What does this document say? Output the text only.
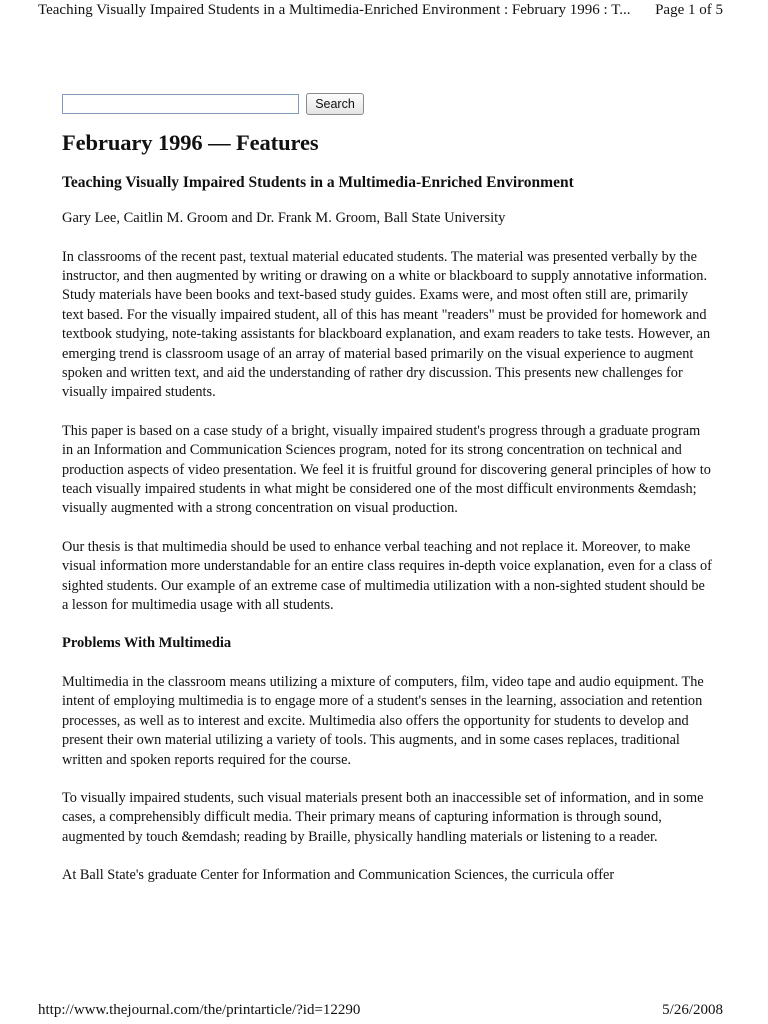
Teaching Visually Impaired Students in a Multimedia-Enriched Environment : February 1996 : T... Page 1 of 5
Search
February 1996 — Features
Teaching Visually Impaired Students in a Multimedia-Enriched Environment
Gary Lee, Caitlin M. Groom and Dr. Frank M. Groom, Ball State University

In classrooms of the recent past, textual material educated students. The material was presented verbally by the instructor, and then augmented by writing or drawing on a white or blackboard to supply annotative information. Study materials have been books and text-based study guides. Exams were, and most often still are, primarily text based. For the visually impaired student, all of this has meant "readers" must be provided for homework and textbook studying, note-taking assistants for blackboard explanation, and exam readers to take tests. However, an emerging trend is classroom usage of an array of material based primarily on the visual experience to augment spoken and written text, and aid the understanding of rather dry discussion. This presents new challenges for visually impaired students.

This paper is based on a case study of a bright, visually impaired student's progress through a graduate program in an Information and Communication Sciences program, noted for its strong concentration on technical and production aspects of video presentation. We feel it is fruitful ground for discovering general principles of how to teach visually impaired students in what might be considered one of the most difficult environments &emdash; visually augmented with a strong concentration on visual production.

Our thesis is that multimedia should be used to enhance verbal teaching and not replace it. Moreover, to make visual information more understandable for an entire class requires in-depth voice explanation, even for a class of sighted students. Our example of an extreme case of multimedia utilization with a non-sighted student should be a lesson for multimedia usage with all students.

Problems With Multimedia

Multimedia in the classroom means utilizing a mixture of computers, film, video tape and audio equipment. The intent of employing multimedia is to engage more of a student's senses in the learning, association and retention processes, as well as to interest and excite. Multimedia also offers the opportunity for students to develop and present their own material utilizing a variety of tools. This augments, and in some cases replaces, traditional written and spoken reports required for the course.

To visually impaired students, such visual materials present both an inaccessible set of information, and in some cases, a comprehensibly difficult media. Their primary means of capturing information is through sound, augmented by touch &emdash; reading by Braille, physically handling materials or listening to a reader.

At Ball State's graduate Center for Information and Communication Sciences, the curricula offer

http://www.thejournal.com/the/printarticle/?id=12290	5/26/2008
